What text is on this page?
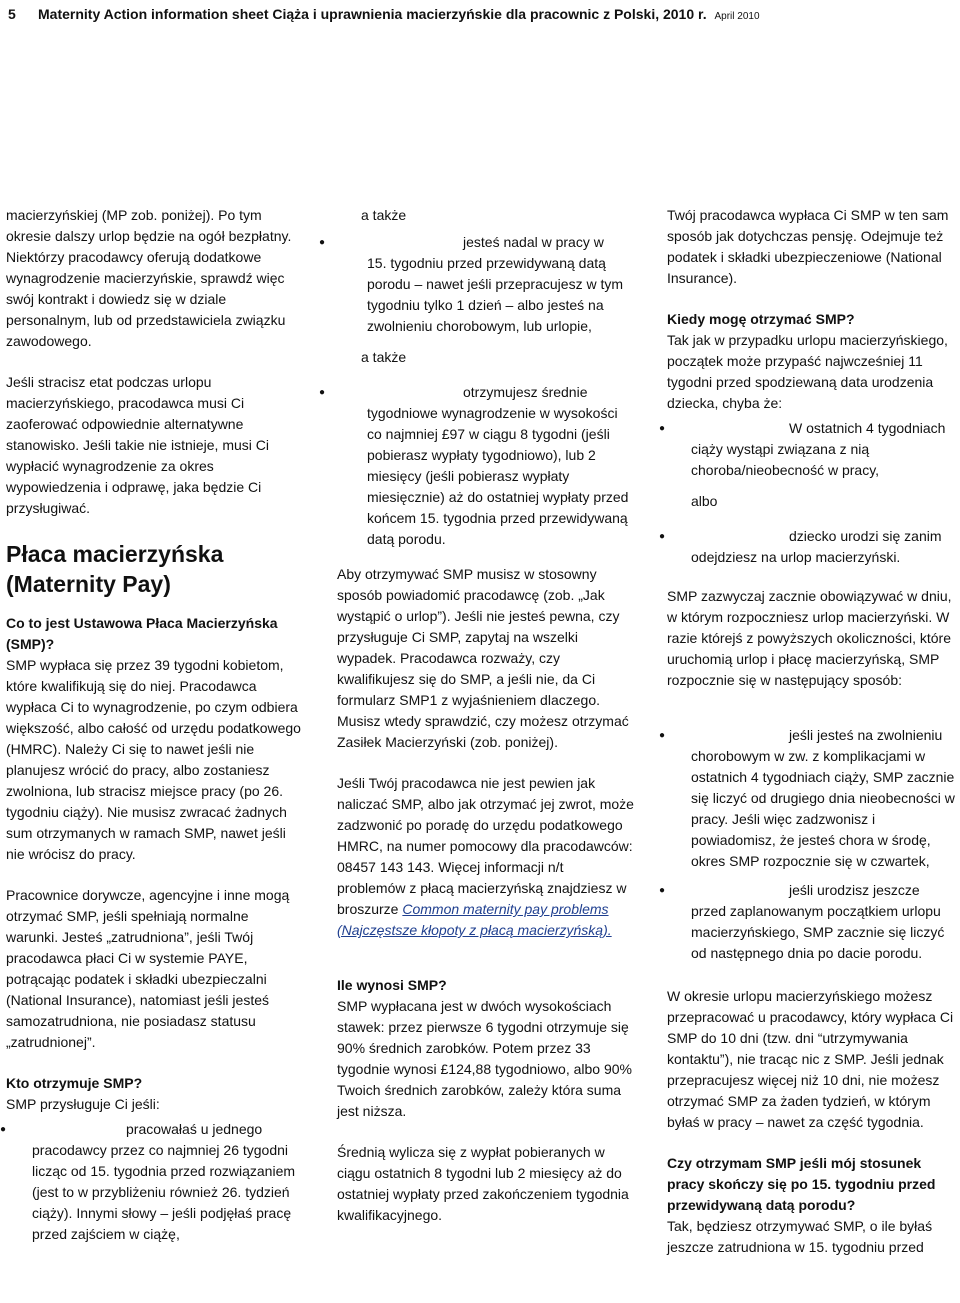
5 Maternity Action information sheet Ciąża i uprawnienia macierzyńskie dla pracownic z Polski, 2010 r. April 2010

macierzyńskiej (MP zob. poniżej). Po tym okresie dalszy urlop będzie na ogół bezpłatny. Niektórzy pracodawcy oferują dodatkowe wynagrodzenie macierzyńskie, sprawdź więc swój kontrakt i dowiedz się w dziale personalnym, lub od przedstawiciela związku zawodowego.

Jeśli stracisz etat podczas urlopu macierzyńskiego, pracodawca musi Ci zaoferować odpowiednie alternatywne stanowisko. Jeśli takie nie istnieje, musi Ci wypłacić wynagrodzenie za okres wypowiedzenia i odprawę, jaka będzie Ci przysługiwać.

Płaca macierzyńska (Maternity Pay)

Co to jest Ustawowa Płaca Macierzyńska (SMP)?

SMP wypłaca się przez 39 tygodni kobietom, które kwalifikują się do niej. Pracodawca wypłaca Ci to wynagrodzenie, po czym odbiera większość, albo całość od urzędu podatkowego (HMRC). Należy Ci się to nawet jeśli nie planujesz wrócić do pracy, albo zostaniesz zwolniona, lub stracisz miejsce pracy (po 26. tygodniu ciąży). Nie musisz zwracać żadnych sum otrzymanych w ramach SMP, nawet jeśli nie wrócisz do pracy.

Pracownice dorywcze, agencyjne i inne mogą otrzymać SMP, jeśli spełniają normalne warunki. Jesteś „zatrudniona”, jeśli Twój pracodawca płaci Ci w systemie PAYE, potrącając podatek i składki ubezpieczalni (National Insurance), natomiast jeśli jesteś samozatrudniona, nie posiadasz statusu „zatrudnionej”.

Kto otrzymuje SMP?

SMP przysługuje Ci jeśli:

● pracowałaś u jednego
pracodawcy przez co najmniej 26 tygodni licząc od 15. tygodnia przed rozwiązaniem (jest to w przybliżeniu również 26. tydzień ciąży). Innymi słowy – jeśli podjęłaś pracę przed zajściem w ciążę,
a także
● jesteś nadal w pracy w
15. tygodniu przed przewidywaną datą porodu – nawet jeśli przepracujesz w tym tygodniu tylko 1 dzień – albo jesteś na zwolnieniu chorobowym, lub urlopie,
a także
● otrzymujesz średnie
tygodniowe wynagrodzenie w wysokości co najmniej £97 w ciągu 8 tygodni (jeśli pobierasz wypłaty tygodniowo), lub 2 miesięcy (jeśli pobierasz wypłaty miesięcznie) aż do ostatniej wypłaty przed końcem 15. tygodnia przed przewidywaną datą porodu.

Aby otrzymywać SMP musisz w stosowny sposób powiadomić pracodawcę (zob. „Jak wystąpić o urlop”). Jeśli nie jesteś pewna, czy przysługuje Ci SMP, zapytaj na wszelki wypadek. Pracodawca rozważy, czy kwalifikujesz się do SMP, a jeśli nie, da Ci formularz SMP1 z wyjaśnieniem dlaczego. Musisz wtedy sprawdzić, czy możesz otrzymać Zasiłek Macierzyński (zob. poniżej).

Jeśli Twój pracodawca nie jest pewien jak naliczać SMP, albo jak otrzymać jej zwrot, może zadzwonić po poradę do urzędu podatkowego HMRC, na numer pomocowy dla pracodawców: 08457 143 143. Więcej informacji n/t problemów z płacą macierzyńską znajdziesz w broszurze Common maternity pay problems (Najczęstsze kłopoty z płacą macierzyńską).

Ile wynosi SMP?

SMP wypłacana jest w dwóch wysokościach stawek: przez pierwsze 6 tygodni otrzymuje się 90% średnich zarobków. Potem przez 33 tygodnie wynosi £124,88 tygodniowo, albo 90% Twoich średnich zarobków, zależy która suma jest niższa.

Średnią wylicza się z wypłat pobieranych w ciągu ostatnich 8 tygodni lub 2 miesięcy aż do ostatniej wypłaty przed zakończeniem tygodnia kwalifikacyjnego.

Twój pracodawca wypłaca Ci SMP w ten sam sposób jak dotychczas pensję. Odejmuje też podatek i składki ubezpieczeniowe (National Insurance).

Kiedy mogę otrzymać SMP?

Tak jak w przypadku urlopu macierzyńskiego, początek może przypaść najwcześniej 11 tygodni przed spodziewaną data urodzenia dziecka, chyba że:

● W ostatnich 4 tygodniach
ciąży wystąpi związana z nią choroba/nieobecność w pracy,
albo
● dziecko urodzi się zanim
odejdziesz na urlop macierzyński.

SMP zazwyczaj zacznie obowiązywać w dniu, w którym rozpoczniesz urlop macierzyński. W razie którejś z powyższych okoliczności, które uruchomią urlop i płacę macierzyńską, SMP rozpocznie się w następujący sposób:

● jeśli jesteś na zwolnieniu
chorobowym w zw. z komplikacjami w ostatnich 4 tygodniach ciąży, SMP zacznie się liczyć od drugiego dnia nieobecności w pracy. Jeśli więc zadzwonisz i powiadomisz, że jesteś chora w środę, okres SMP rozpocznie się w czwartek,
● jeśli urodzisz jeszcze
przed zaplanowanym początkiem urlopu macierzyńskiego, SMP zacznie się liczyć od następnego dnia po dacie porodu.

W okresie urlopu macierzyńskiego możesz przepracować u pracodawcy, który wypłaca Ci SMP do 10 dni (tzw. dni “utrzymywania kontaktu”), nie tracąc nic z SMP. Jeśli jednak przepracujesz więcej niż 10 dni, nie możesz otrzymać SMP za żaden tydzień, w którym byłaś w pracy – nawet za część tygodnia.

Czy otrzymam SMP jeśli mój stosunek pracy skończy się po 15. tygodniu przed przewidywaną datą porodu?

Tak, będziesz otrzymywać SMP, o ile byłaś jeszcze zatrudniona w 15. tygodniu przed
